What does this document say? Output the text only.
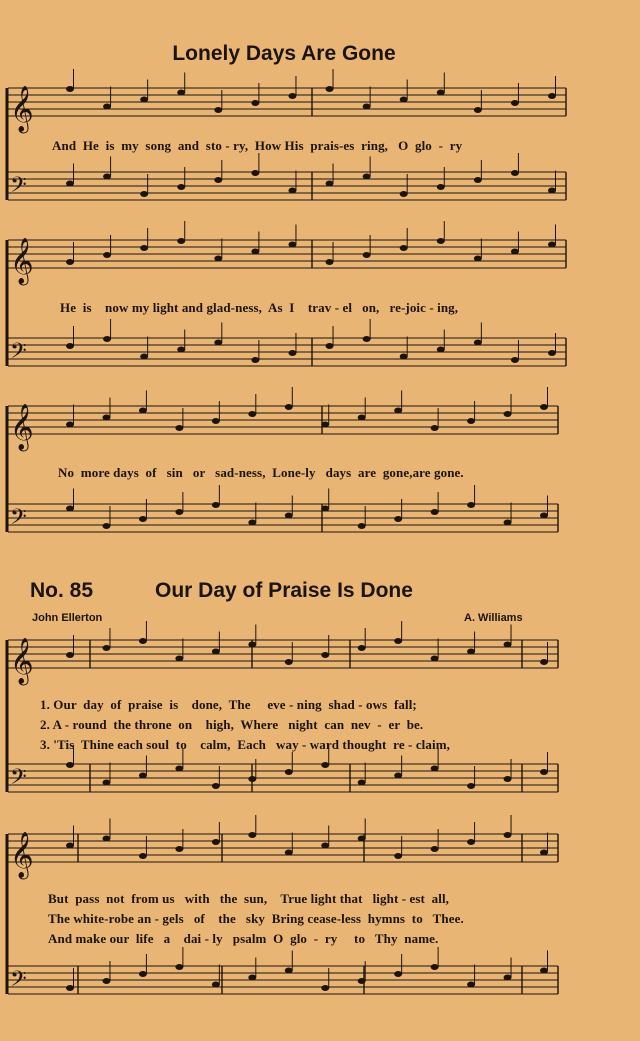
𝄞
𝄢
𝄞
𝄢
𝄞
𝄢
𝄞
𝄢
𝄞
𝄢
Lonely Days Are Gone
And  He  is  my  song  and  sto - ry,  How His  prais-es  ring,   O  glo  -  ry
He  is    now my light and glad-ness,  As  I    trav - el   on,   re-joic - ing,
No  more days  of   sin   or   sad-ness,  Lone-ly   days  are  gone,are gone.
No. 85	Our Day of Praise Is Done
John Ellerton	A. Williams
1. Our  day  of  praise  is    done,  The     eve - ning  shad - ows  fall;
2. A - round  the throne  on    high,  Where   night  can  nev  -  er  be.
3. 'Tis  Thine each soul  to    calm,  Each   way - ward thought  re - claim,
But  pass  not  from us   with   the  sun,    True light that   light - est  all,
The white-robe an - gels   of    the   sky  Bring cease-less  hymns  to   Thee.
And make our  life   a    dai - ly   psalm  O  glo  -  ry     to   Thy  name.
